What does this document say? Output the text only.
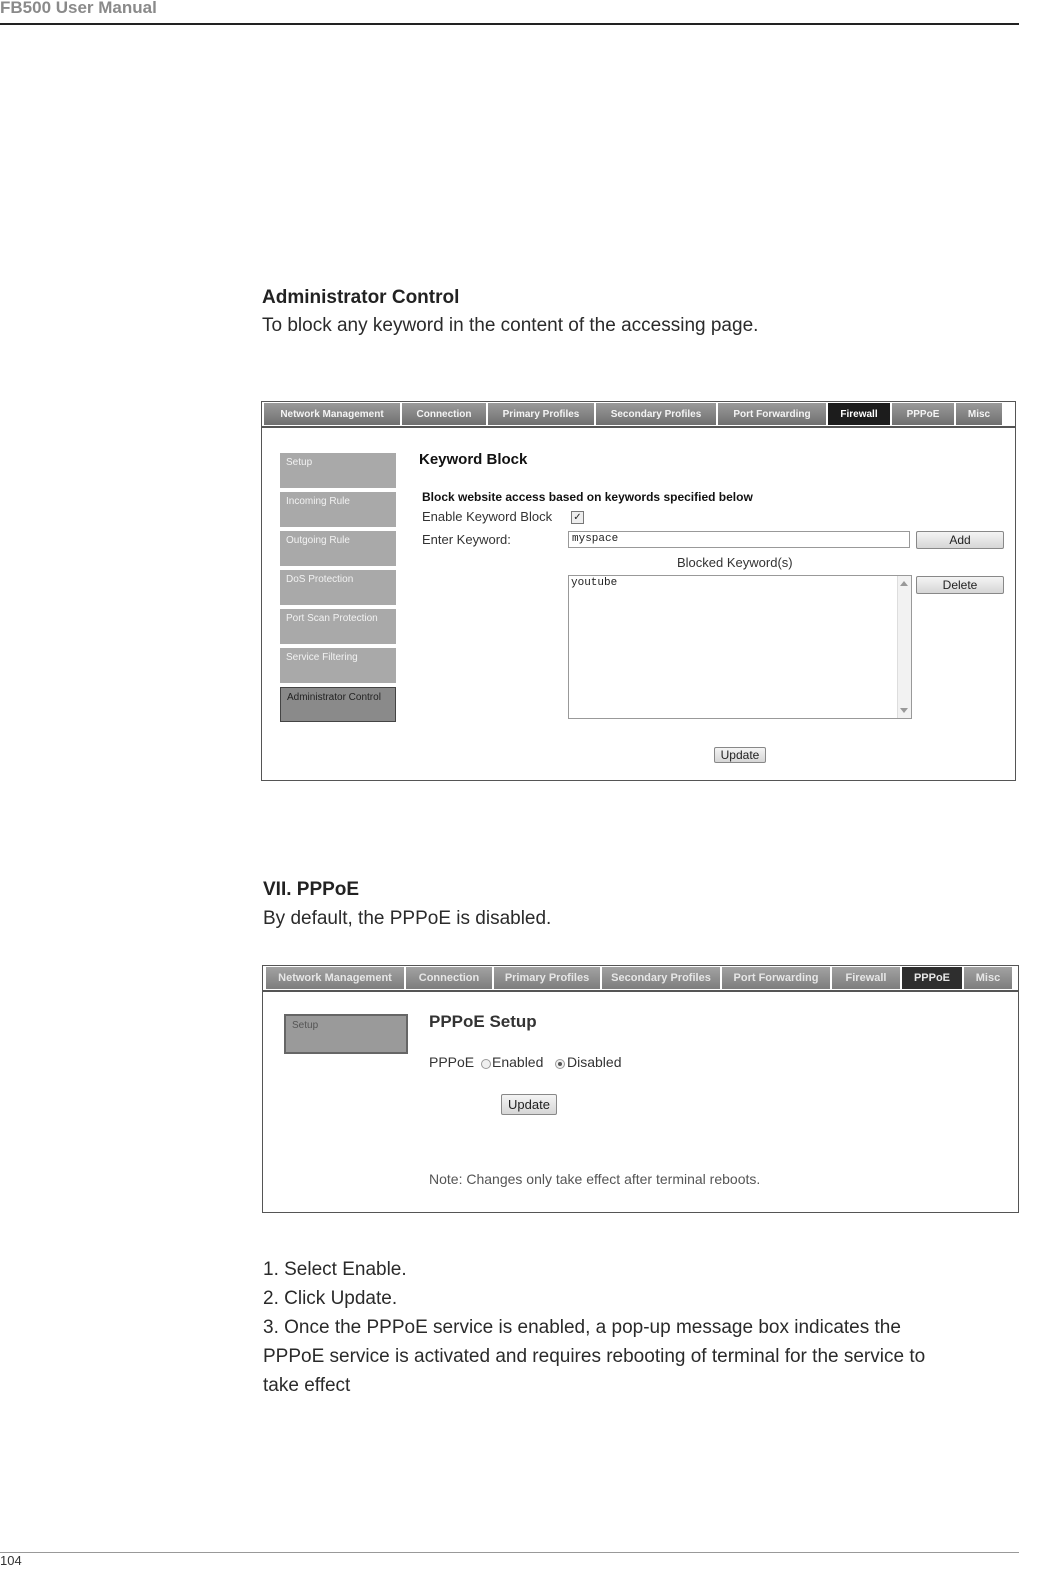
FB500 User Manual
Administrator Control
To block any keyword in the content of the accessing page.
Network Management	Connection	Primary Profiles	Secondary Profiles	Port Forwarding	Firewall	PPPoE	Misc
Setup
Incoming Rule
Outgoing Rule
DoS Protection
Port Scan Protection
Service Filtering
Administrator Control
Keyword Block
Block website access based on keywords specified below
Enable Keyword Block ✓
Enter Keyword:	myspace	Add
Blocked Keyword(s)
youtube	Delete
Update
VII. PPPoE
By default, the PPPoE is disabled.
Network Management	Connection	Primary Profiles	Secondary Profiles	Port Forwarding	Firewall	PPPoE	Misc
Setup	PPPoE Setup
PPPoE Enabled Disabled
Update
Note: Changes only take effect after terminal reboots.
1. Select Enable.
2. Click Update.
3. Once the PPPoE service is enabled, a pop-up message box indicates the
PPPoE service is activated and requires rebooting of terminal for the service to
take effect
104
